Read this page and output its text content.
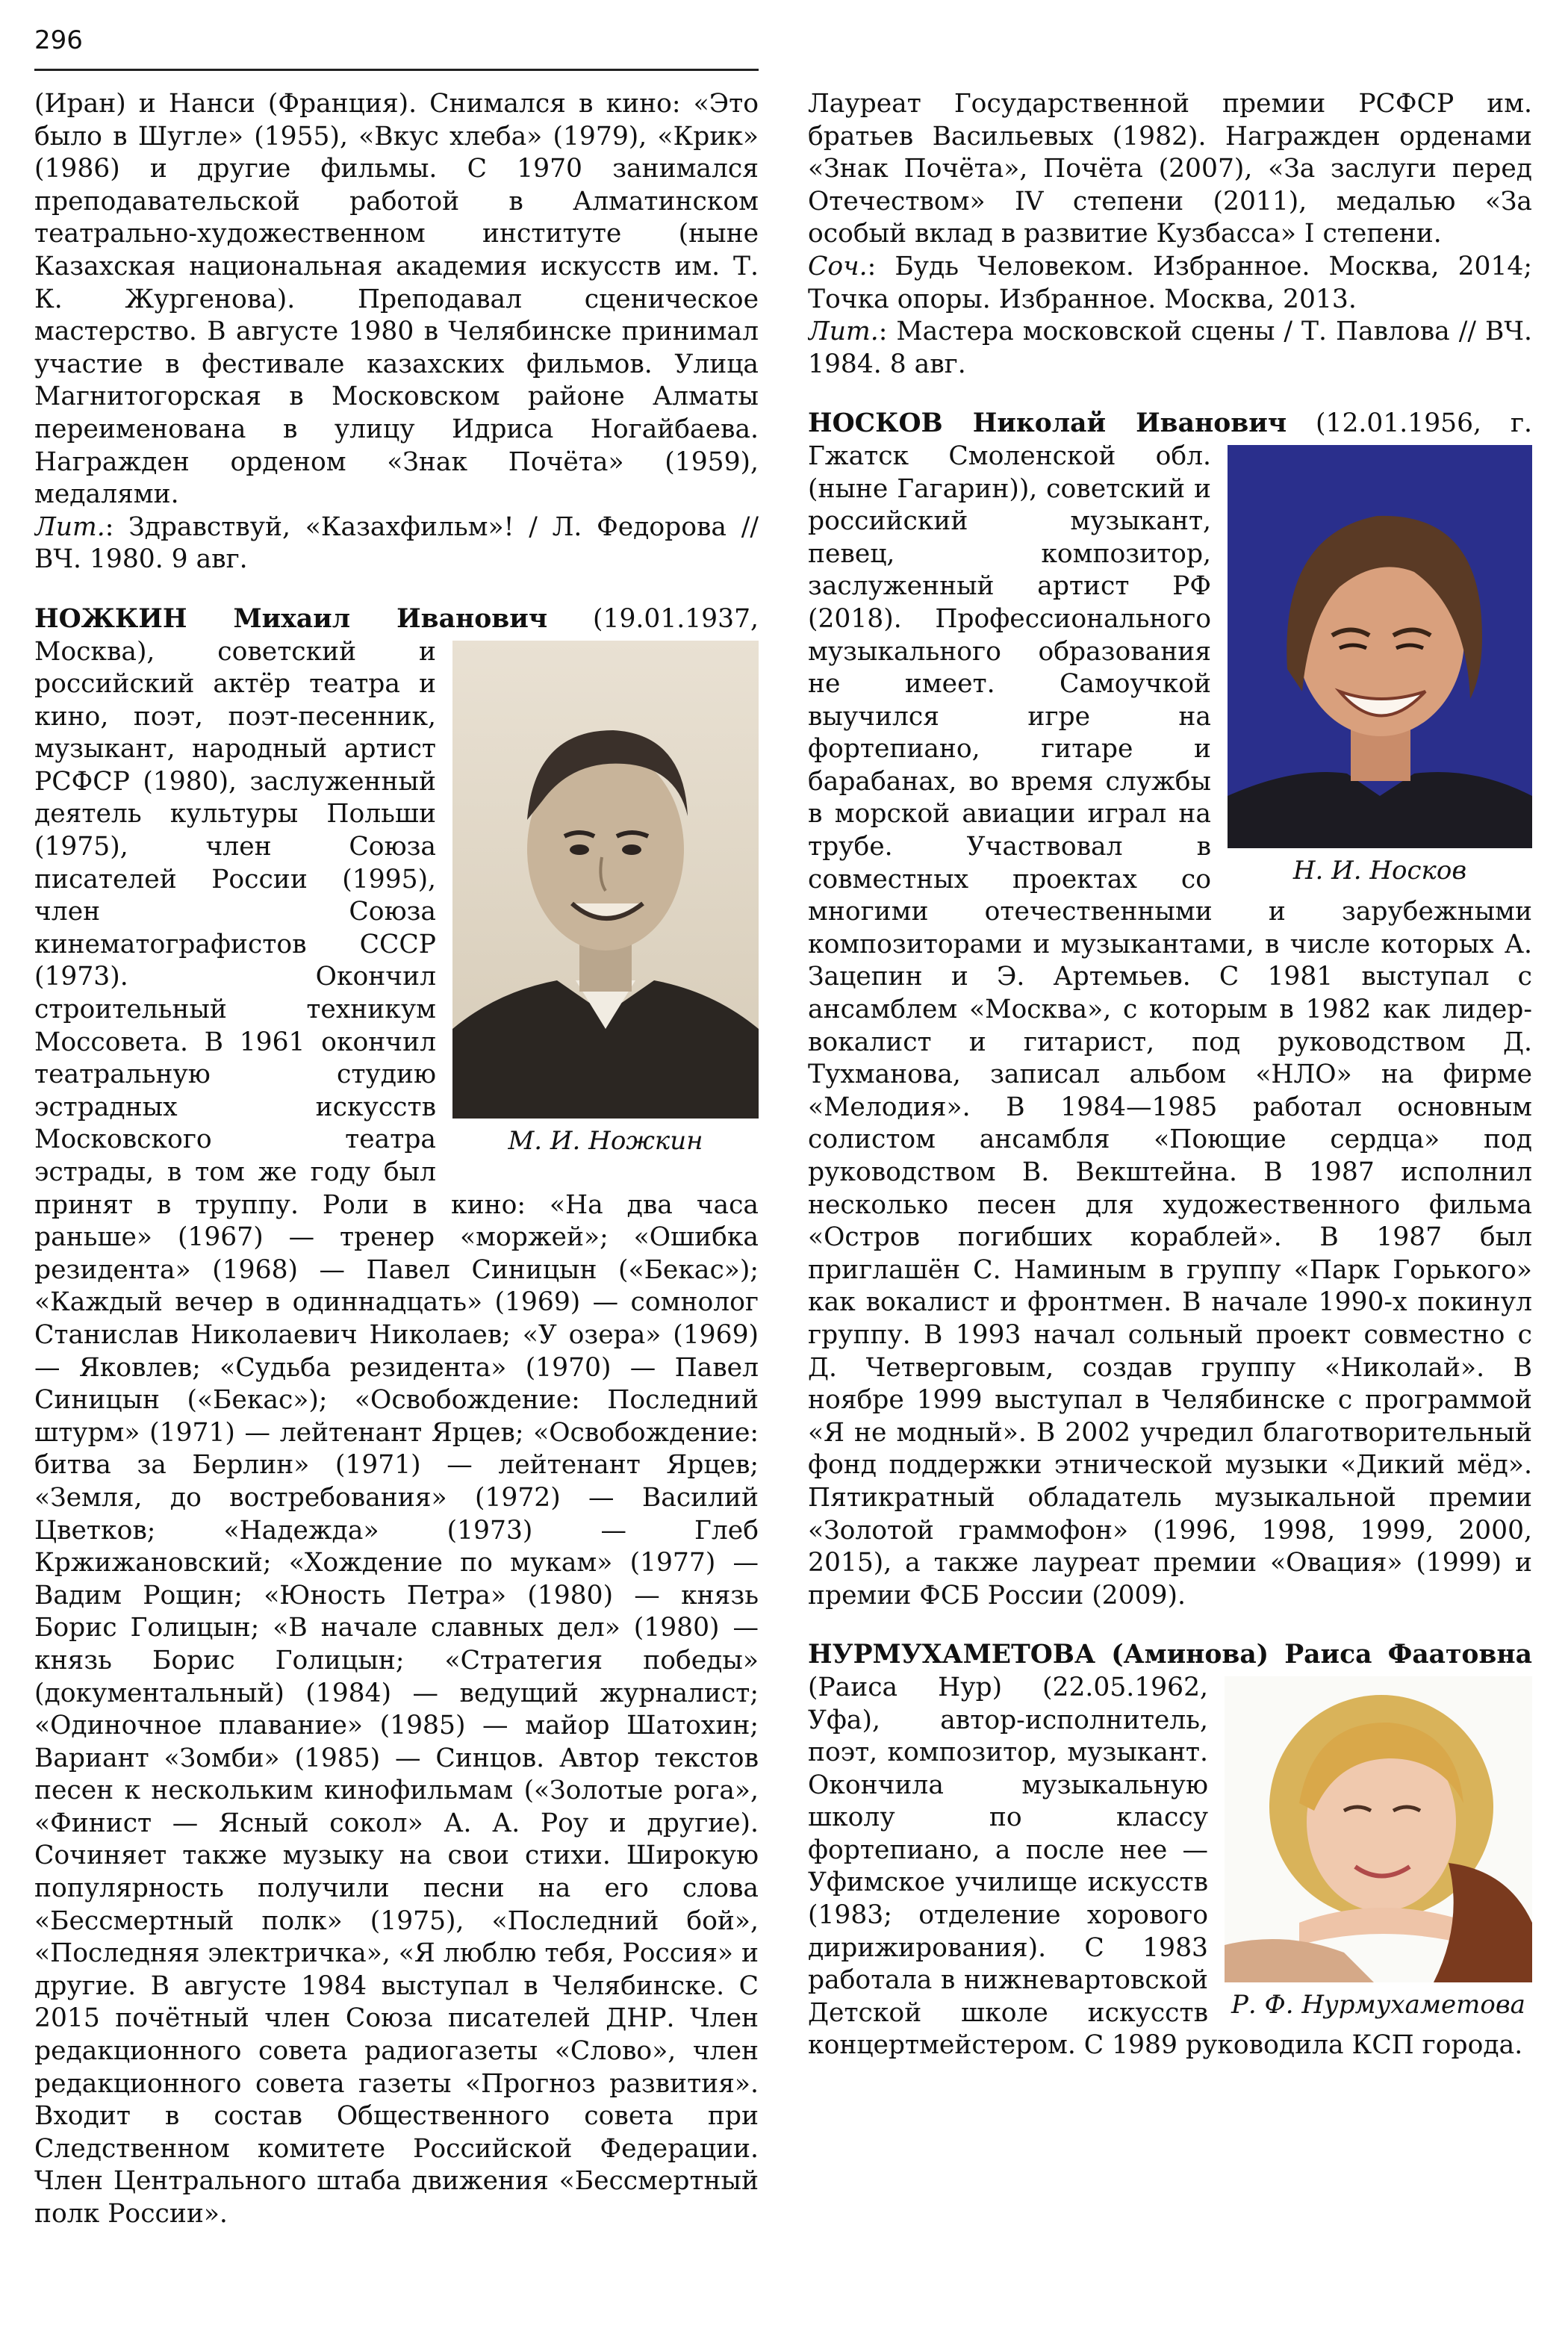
296

(Иран) и Нанси (Франция). Снимался в кино: «Это было в Шугле» (1955), «Вкус хлеба» (1979), «Крик» (1986) и другие фильмы. С 1970 занимался преподавательской работой в Алматинском театрально-художественном институте (ныне Казахская национальная академия искусств им. Т. К. Жургенова). Преподавал сценическое мастерство. В августе 1980 в Челябинске принимал участие в фестивале казахских фильмов. Улица Магнитогорская в Московском районе Алматы переименована в улицу Идриса Ногайбаева. Награжден орденом «Знак Почёта» (1959), медалями.

Лит.: Здравствуй, «Казахфильм»! / Л. Федорова // ВЧ. 1980. 9 авг.

НОЖКИН Михаил Иванович
М. И. Ножкин
(19.01.1937, Москва), советский и российский актёр театра и кино, поэт, поэт-песенник, музыкант, народный артист РСФСР (1980), заслуженный деятель культуры Польши (1975), член Союза писателей России (1995), член Союза кинематографистов СССР (1973). Окончил строительный техникум Моссовета. В 1961 окончил театральную студию эстрадных искусств Московского театра эстрады, в том же году был принят в труппу. Роли в кино: «На два часа раньше» (1967) — тренер «моржей»; «Ошибка резидента» (1968) — Павел Синицын («Бекас»); «Каждый вечер в одиннадцать» (1969) — сомнолог Станислав Николаевич Николаев; «У озера» (1969) — Яковлев; «Судьба резидента» (1970) — Павел Синицын («Бекас»); «Освобождение: Последний штурм» (1971) — лейтенант Ярцев; «Освобождение: битва за Берлин» (1971) — лейтенант Ярцев; «Земля, до востребования» (1972) — Василий Цветков; «Надежда» (1973) — Глеб Кржижановский; «Хождение по мукам» (1977) — Вадим Рощин; «Юность Петра» (1980) — князь Борис Голицын; «В начале славных дел» (1980) — князь Борис Голицын; «Стратегия победы» (документальный) (1984) — ведущий журналист; «Одиночное плавание» (1985) — майор Шатохин; Вариант «Зомби» (1985) — Синцов. Автор текстов песен к нескольким кинофильмам («Золотые рога», «Финист — Ясный сокол» А. А. Роу и другие). Сочиняет также музыку на свои стихи. Широкую популярность получили песни на его слова «Бессмертный полк» (1975), «Последний бой», «Последняя электричка», «Я люблю тебя, Россия» и другие. В августе 1984 выступал в Челябинске. С 2015 почётный член Союза писателей ДНР. Член редакционного совета радиогазеты «Слово», член редакционного совета газеты «Прогноз развития». Входит в состав Общественного совета при Следственном комитете Российской Федерации. Член Центрального штаба движения «Бессмертный полк России».

Лауреат Государственной премии РСФСР им. братьев Васильевых (1982). Награжден орденами «Знак Почёта», Почёта (2007), «За заслуги перед Отечеством» IV степени (2011), медалью «За особый вклад в развитие Кузбасса» I степени.

Соч.: Будь Человеком. Избранное. Москва, 2014; Точка опоры. Избранное. Москва, 2013.

Лит.: Мастера московской сцены / Т. Павлова // ВЧ. 1984. 8 авг.

НОСКОВ Николай Иванович
Н. И. Носков
(12.01.1956, г. Гжатск Смоленской обл. (ныне Гагарин)), советский и российский музыкант, певец, композитор, заслуженный артист РФ (2018). Профессионального музыкального образования не имеет. Самоучкой выучился игре на фортепиано, гитаре и барабанах, во время службы в морской авиации играл на трубе. Участвовал в совместных проектах со многими отечественными и зарубежными композиторами и музыкантами, в числе которых А. Зацепин и Э. Артемьев. С 1981 выступал с ансамблем «Москва», с которым в 1982 как лидер-вокалист и гитарист, под руководством Д. Тухманова, записал альбом «НЛО» на фирме «Мелодия». В 1984—1985 работал основным солистом ансамбля «Поющие сердца» под руководством В. Векштейна. В 1987 исполнил несколько песен для художественного фильма «Остров погибших кораблей». В 1987 был приглашён С. Наминым в группу «Парк Горького» как вокалист и фронтмен. В начале 1990-х покинул группу. В 1993 начал сольный проект совместно с Д. Четверговым, создав группу «Николай». В ноябре 1999 выступал в Челябинске с программой «Я не модный». В 2002 учредил благотворительный фонд поддержки этнической музыки «Дикий мёд». Пятикратный обладатель музыкальной премии «Золотой граммофон» (1996, 1998, 1999, 2000, 2015), а также лауреат премии «Овация» (1999) и премии ФСБ России (2009).

НУРМУХАМЕТОВА (Аминова) Раиса Фаатовна
Р. Ф. Нурмухаметова
(Раиса Нур) (22.05.1962, Уфа), автор-исполнитель, поэт, композитор, музыкант. Окончила музыкальную школу по классу фортепиано, а после нее — Уфимское училище искусств (1983; отделение хорового дирижирования). С 1983 работала в нижневартовской Детской школе искусств концертмейстером. С 1989 руководила КСП города.
